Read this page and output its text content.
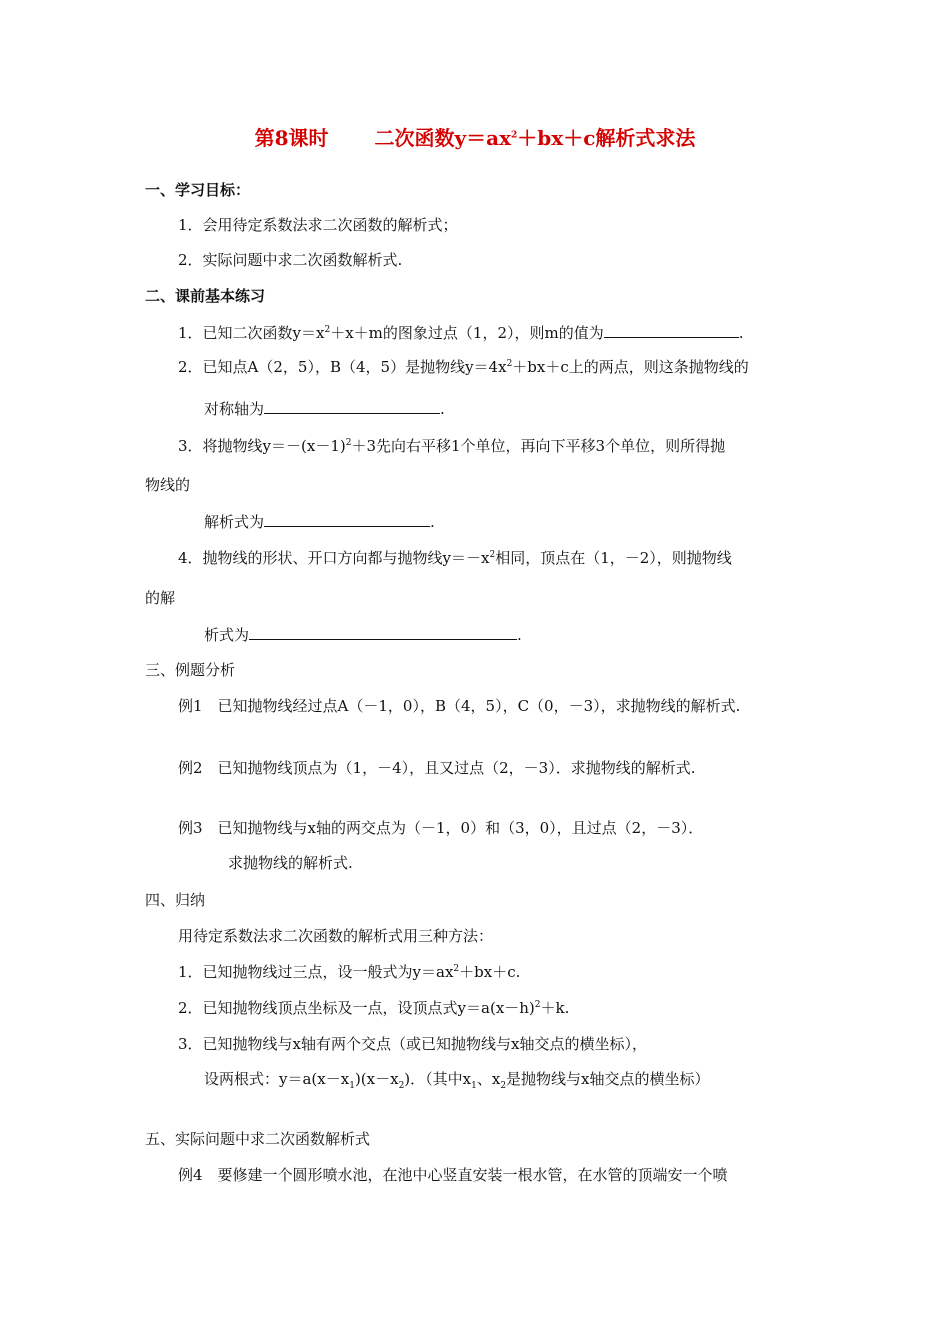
第8课时 二次函数$y=ax^2+bx+c$解析式求法
一、学习目标：
1．会用待定系数法求二次函数的解析式；
2．实际问题中求二次函数解析式.
二、课前基本练习
1．已知二次函数$y=x^2+x+m$的图象过点（1，2），则m的值为	.
2．已知点A（2，5），B（4，5）是抛物线$y=4x^2+bx+c$上的两点，则这条抛物线的
对称轴为	.
3．将抛物线$y=-(x-1)^2+3$先向右平移1个单位，再向下平移3个单位，则所得抛
物线的
解析式为	.
4．抛物线的形状、开口方向都与抛物线$y=-x^2$相同，顶点在（1，－2），则抛物线
的解
析式为	.
三、例题分析
例1　已知抛物线经过点A（－1，0），B（4，5），C（0，－3），求抛物线的解析式.
例2　已知抛物线顶点为（1，－4），且又过点（2，－3）．求抛物线的解析式.
例3　已知抛物线与x轴的两交点为（－1，0）和（3，0），且过点（2，－3）．
求抛物线的解析式.
四、归纳
用待定系数法求二次函数的解析式用三种方法：
1．已知抛物线过三点，设一般式为$y=ax^2+bx+c$.
2．已知抛物线顶点坐标及一点，设顶点式$y=a(x-h)^2+k$.
3．已知抛物线与x轴有两个交点（或已知抛物线与x轴交点的横坐标），
设两根式：$y=a(x-x_1)(x-x_2)$．（其中$x_1$、$x_2$是抛物线与x轴交点的横坐标）
五、实际问题中求二次函数解析式
例4　要修建一个圆形喷水池，在池中心竖直安装一根水管，在水管的顶端安一个喷
